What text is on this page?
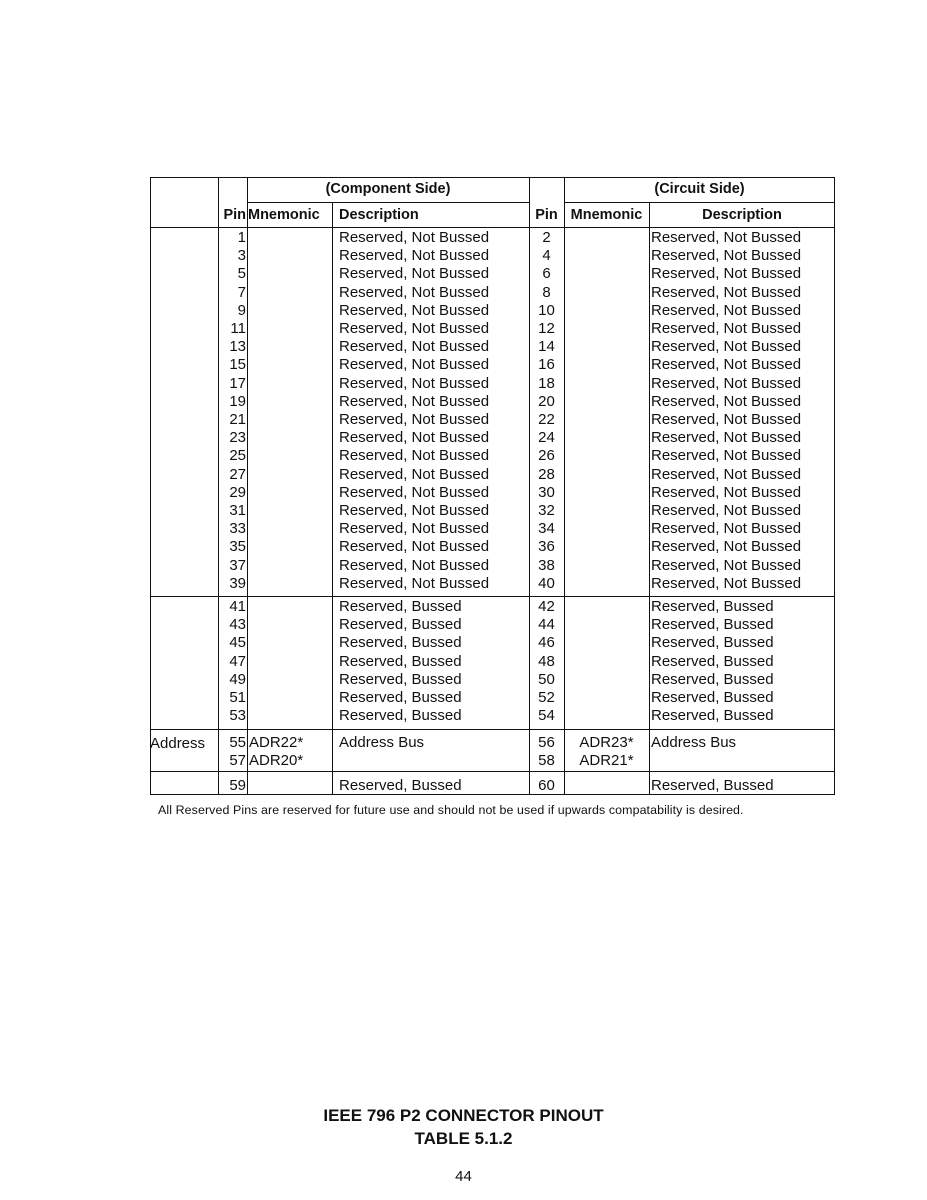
(Component Side)	(Circuit Side)
Pin Mnemonic	Description	Pin Mnemonic	Description
1	Reserved, Not Bussed	2	Reserved, Not Bussed
3	Reserved, Not Bussed	4	Reserved, Not Bussed
5	Reserved, Not Bussed	6	Reserved, Not Bussed
7	Reserved, Not Bussed	8	Reserved, Not Bussed
9	Reserved, Not Bussed	10	Reserved, Not Bussed
11	Reserved, Not Bussed	12	Reserved, Not Bussed
13	Reserved, Not Bussed	14	Reserved, Not Bussed
15	Reserved, Not Bussed	16	Reserved, Not Bussed
17	Reserved, Not Bussed	18	Reserved, Not Bussed
19	Reserved, Not Bussed	20	Reserved, Not Bussed
21	Reserved, Not Bussed	22	Reserved, Not Bussed
23	Reserved, Not Bussed	24	Reserved, Not Bussed
25	Reserved, Not Bussed	26	Reserved, Not Bussed
27	Reserved, Not Bussed	28	Reserved, Not Bussed
29	Reserved, Not Bussed	30	Reserved, Not Bussed
31	Reserved, Not Bussed	32	Reserved, Not Bussed
33	Reserved, Not Bussed	34	Reserved, Not Bussed
35	Reserved, Not Bussed	36	Reserved, Not Bussed
37	Reserved, Not Bussed	38	Reserved, Not Bussed
39	Reserved, Not Bussed	40	Reserved, Not Bussed
41	Reserved, Bussed	42	Reserved, Bussed
43	Reserved, Bussed	44	Reserved, Bussed
45	Reserved, Bussed	46	Reserved, Bussed
47	Reserved, Bussed	48	Reserved, Bussed
49	Reserved, Bussed	50	Reserved, Bussed
51	Reserved, Bussed	52	Reserved, Bussed
53	Reserved, Bussed	54	Reserved, Bussed
Address	55 ADR22*	Address Bus	56	ADR23*	Address Bus
57 ADR20*	58	ADR21*
59	Reserved, Bussed	60	Reserved, Bussed
All Reserved Pins are reserved for future use and should not be used if upwards compatability is desired.
IEEE 796 P2 CONNECTOR PINOUT
TABLE 5.1.2
44
